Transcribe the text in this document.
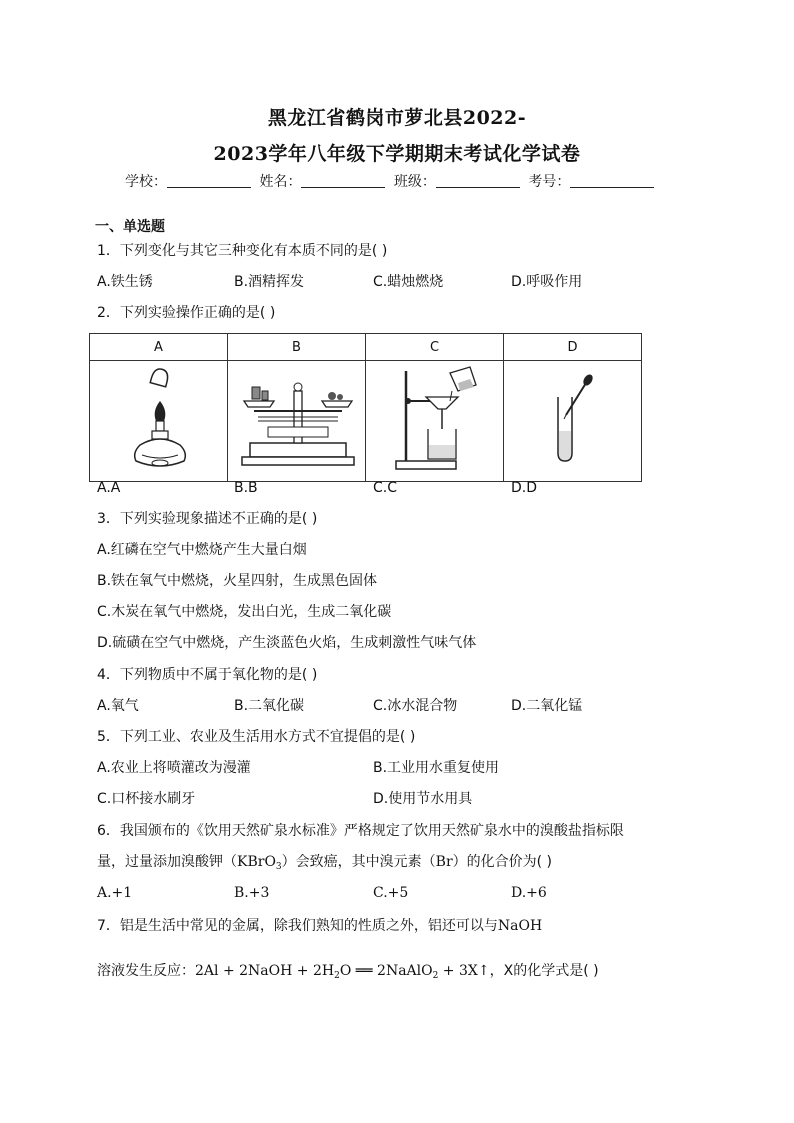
黑龙江省鹤岗市萝北县2022-
2023学年八年级下学期期末考试化学试卷
学校：	姓名：	班级：	考号：
一、单选题
1．下列变化与其它三种变化有本质不同的是( )
A.铁生锈	B.酒精挥发	C.蜡烛燃烧	D.呼吸作用
2．下列实验操作正确的是( )
A	B	C	D

A.A	B.B	C.C	D.D
3．下列实验现象描述不正确的是( )
A.红磷在空气中燃烧产生大量白烟
B.铁在氧气中燃烧，火星四射，生成黑色固体
C.木炭在氧气中燃烧，发出白光，生成二氧化碳
D.硫磺在空气中燃烧，产生淡蓝色火焰，生成刺激性气味气体
4．下列物质中不属于氧化物的是( )
A.氧气	B.二氧化碳	C.冰水混合物	D.二氧化锰
5．下列工业、农业及生活用水方式不宜提倡的是( )
A.农业上将喷灌改为漫灌	B.工业用水重复使用
C.口杯接水刷牙	D.使用节水用具
6．我国颁布的《饮用天然矿泉水标准》严格规定了饮用天然矿泉水中的溴酸盐指标限
量，过量添加溴酸钾（KBrO$_3$）会致癌，其中溴元素（Br）的化合价为( )
A.+1	B.+3	C.+5	D.+6
7．铝是生活中常见的金属，除我们熟知的性质之外，铝还可以与NaOH
溶液发生反应：2Al + 2NaOH + $2H_2O$ ══ 2NaAlO$_2$ + 3X↑，X的化学式是( )
